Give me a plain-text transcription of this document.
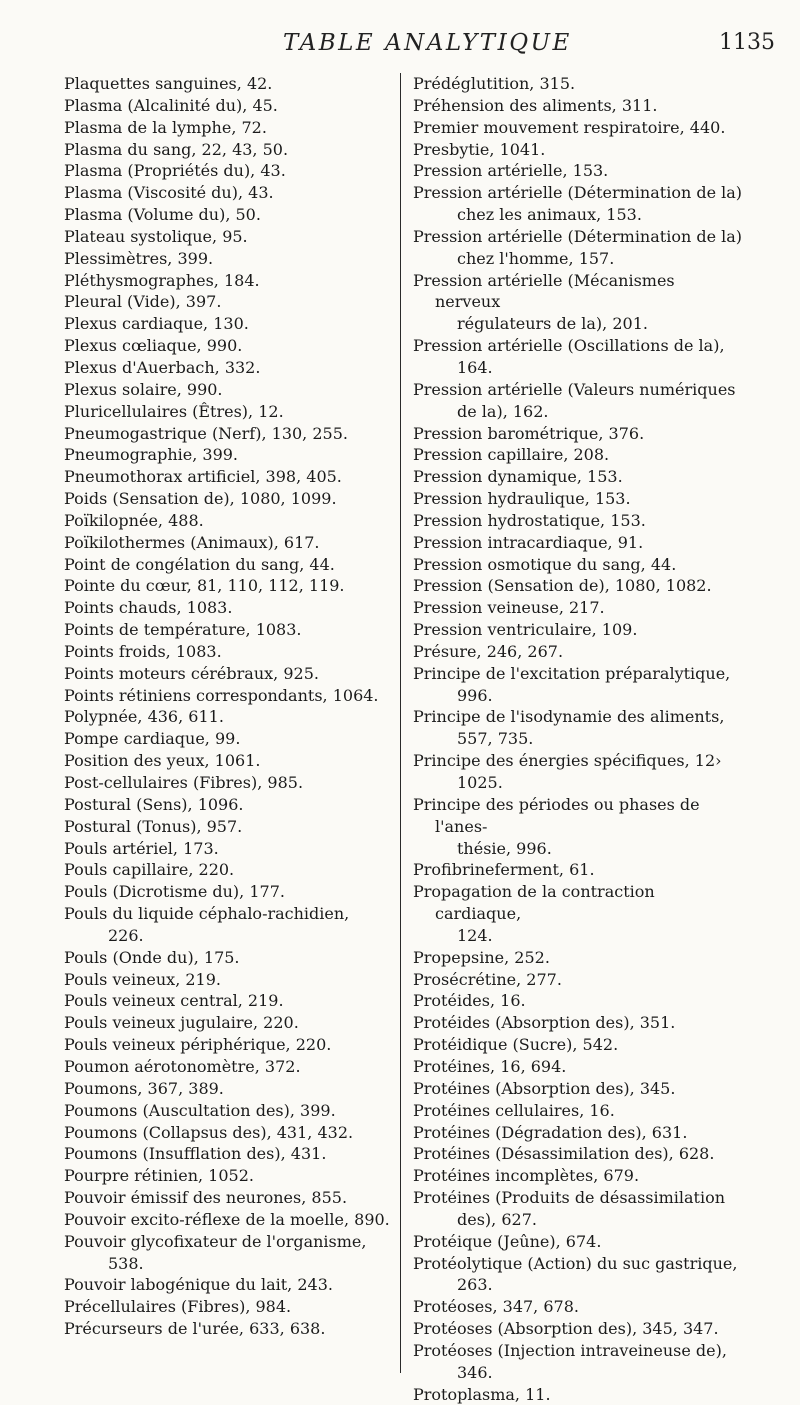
TABLE ANALYTIQUE	1135
Plaquettes sanguines, 42.
Plasma (Alcalinité du), 45.
Plasma de la lymphe, 72.
Plasma du sang, 22, 43, 50.
Plasma (Propriétés du), 43.
Plasma (Viscosité du), 43.
Plasma (Volume du), 50.
Plateau systolique, 95.
Plessimètres, 399.
Pléthysmographes, 184.
Pleural (Vide), 397.
Plexus cardiaque, 130.
Plexus cœliaque, 990.
Plexus d'Auerbach, 332.
Plexus solaire, 990.
Pluricellulaires (Êtres), 12.
Pneumogastrique (Nerf), 130, 255.
Pneumographie, 399.
Pneumothorax artificiel, 398, 405.
Poids (Sensation de), 1080, 1099.
Poïkilopnée, 488.
Poïkilothermes (Animaux), 617.
Point de congélation du sang, 44.
Pointe du cœur, 81, 110, 112, 119.
Points chauds, 1083.
Points de température, 1083.
Points froids, 1083.
Points moteurs cérébraux, 925.
Points rétiniens correspondants, 1064.
Polypnée, 436, 611.
Pompe cardiaque, 99.
Position des yeux, 1061.
Post-cellulaires (Fibres), 985.
Postural (Sens), 1096.
Postural (Tonus), 957.
Pouls artériel, 173.
Pouls capillaire, 220.
Pouls (Dicrotisme du), 177.
Pouls du liquide céphalo-rachidien,
226.
Pouls (Onde du), 175.
Pouls veineux, 219.
Pouls veineux central, 219.
Pouls veineux jugulaire, 220.
Pouls veineux périphérique, 220.
Poumon aérotonomètre, 372.
Poumons, 367, 389.
Poumons (Auscultation des), 399.
Poumons (Collapsus des), 431, 432.
Poumons (Insufflation des), 431.
Pourpre rétinien, 1052.
Pouvoir émissif des neurones, 855.
Pouvoir excito-réflexe de la moelle, 890.
Pouvoir glycofixateur de l'organisme,
538.
Pouvoir labogénique du lait, 243.
Précellulaires (Fibres), 984.
Précurseurs de l'urée, 633, 638.
Prédéglutition, 315.
Préhension des aliments, 311.
Premier mouvement respiratoire, 440.
Presbytie, 1041.
Pression artérielle, 153.
Pression artérielle (Détermination de la)
chez les animaux, 153.
Pression artérielle (Détermination de la)
chez l'homme, 157.
Pression artérielle (Mécanismes nerveux
régulateurs de la), 201.
Pression artérielle (Oscillations de la),
164.
Pression artérielle (Valeurs numériques
de la), 162.
Pression barométrique, 376.
Pression capillaire, 208.
Pression dynamique, 153.
Pression hydraulique, 153.
Pression hydrostatique, 153.
Pression intracardiaque, 91.
Pression osmotique du sang, 44.
Pression (Sensation de), 1080, 1082.
Pression veineuse, 217.
Pression ventriculaire, 109.
Présure, 246, 267.
Principe de l'excitation préparalytique,
996.
Principe de l'isodynamie des aliments,
557, 735.
Principe des énergies spécifiques, 12›
1025.
Principe des périodes ou phases de l'anes-
thésie, 996.
Profibrineferment, 61.
Propagation de la contraction cardiaque,
124.
Propepsine, 252.
Prosécrétine, 277.
Protéides, 16.
Protéides (Absorption des), 351.
Protéidique (Sucre), 542.
Protéines, 16, 694.
Protéines (Absorption des), 345.
Protéines cellulaires, 16.
Protéines (Dégradation des), 631.
Protéines (Désassimilation des), 628.
Protéines incomplètes, 679.
Protéines (Produits de désassimilation
des), 627.
Protéique (Jeûne), 674.
Protéolytique (Action) du suc gastrique,
263.
Protéoses, 347, 678.
Protéoses (Absorption des), 345, 347.
Protéoses (Injection intraveineuse de),
346.
Protoplasma, 11.
